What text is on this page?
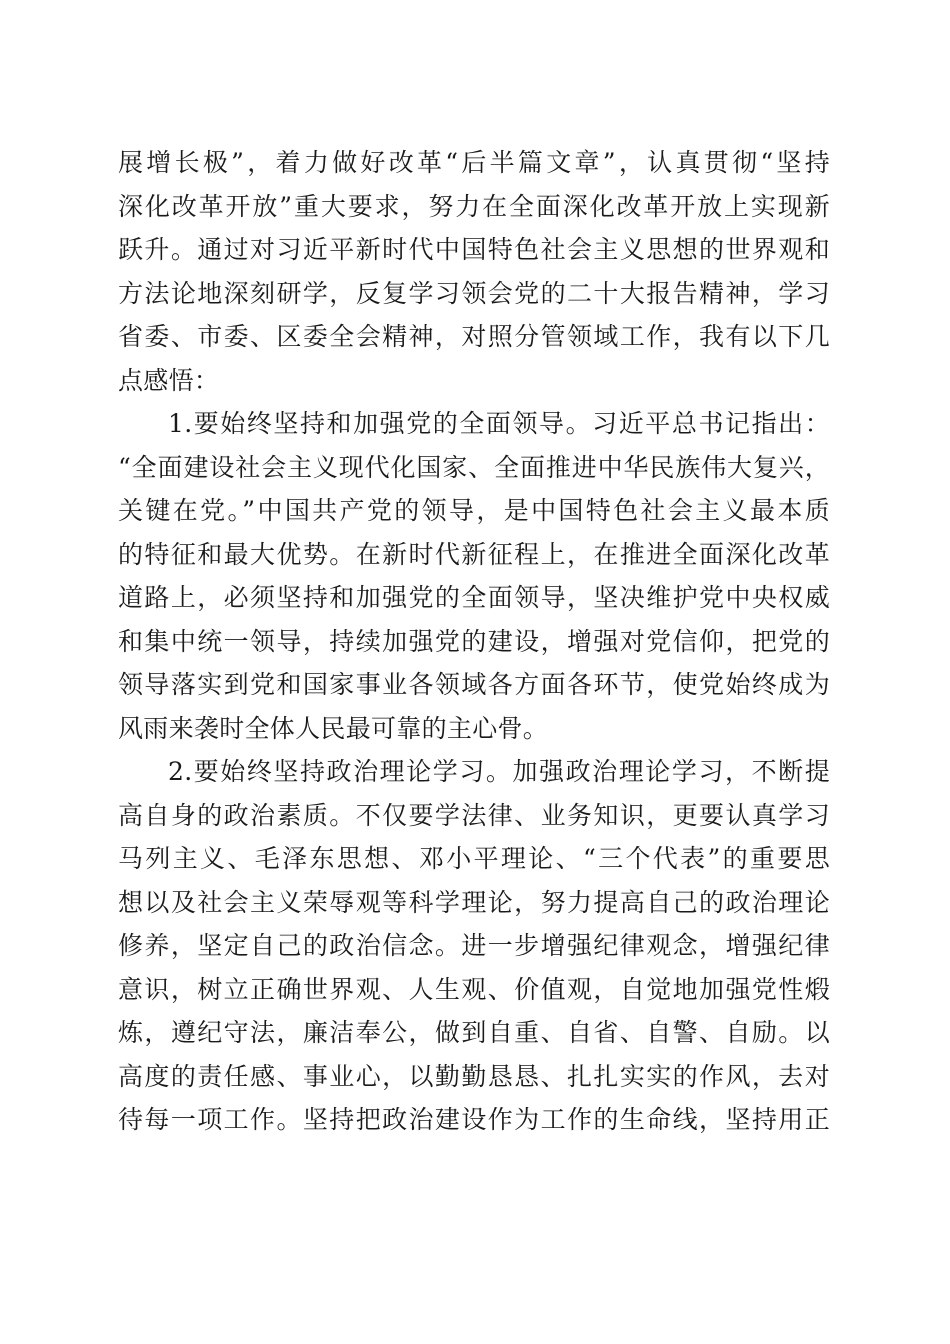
展增长极”，着力做好改革“后半篇文章”，认真贯彻“坚持
深化改革开放”重大要求，努力在全面深化改革开放上实现新
跃升。通过对习近平新时代中国特色社会主义思想的世界观和
方法论地深刻研学，反复学习领会党的二十大报告精神，学习
省委、市委、区委全会精神，对照分管领域工作，我有以下几
点感悟：
1.要始终坚持和加强党的全面领导。习近平总书记指出：
“全面建设社会主义现代化国家、全面推进中华民族伟大复兴，
关键在党。”中国共产党的领导，是中国特色社会主义最本质
的特征和最大优势。在新时代新征程上，在推进全面深化改革
道路上，必须坚持和加强党的全面领导，坚决维护党中央权威
和集中统一领导，持续加强党的建设，增强对党信仰，把党的
领导落实到党和国家事业各领域各方面各环节，使党始终成为
风雨来袭时全体人民最可靠的主心骨。
2.要始终坚持政治理论学习。加强政治理论学习，不断提
高自身的政治素质。不仅要学法律、业务知识，更要认真学习
马列主义、毛泽东思想、邓小平理论、“三个代表”的重要思
想以及社会主义荣辱观等科学理论，努力提高自己的政治理论
修养，坚定自己的政治信念。进一步增强纪律观念，增强纪律
意识，树立正确世界观、人生观、价值观，自觉地加强党性煅
炼，遵纪守法，廉洁奉公，做到自重、自省、自警、自励。以
高度的责任感、事业心，以勤勤恳恳、扎扎实实的作风，去对
待每一项工作。坚持把政治建设作为工作的生命线，坚持用正
